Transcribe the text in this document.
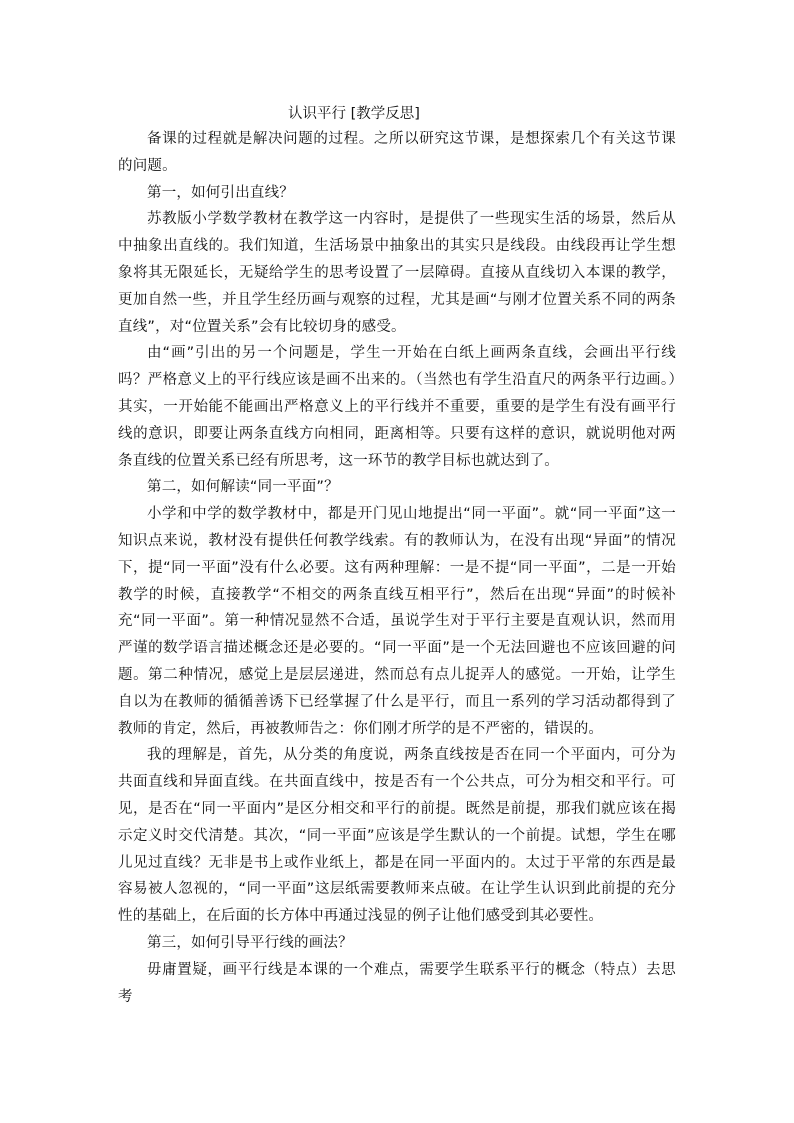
认识平行 [教学反思]

备课的过程就是解决问题的过程。之所以研究这节课，是想探索几个有关这节课的问题。

第一，如何引出直线？

苏教版小学数学教材在教学这一内容时，是提供了一些现实生活的场景，然后从中抽象出直线的。我们知道，生活场景中抽象出的其实只是线段。由线段再让学生想象将其无限延长，无疑给学生的思考设置了一层障碍。直接从直线切入本课的教学，更加自然一些，并且学生经历画与观察的过程，尤其是画“与刚才位置关系不同的两条直线”，对“位置关系”会有比较切身的感受。

由“画”引出的另一个问题是，学生一开始在白纸上画两条直线，会画出平行线吗？严格意义上的平行线应该是画不出来的。（当然也有学生沿直尺的两条平行边画。）其实，一开始能不能画出严格意义上的平行线并不重要，重要的是学生有没有画平行线的意识，即要让两条直线方向相同，距离相等。只要有这样的意识，就说明他对两条直线的位置关系已经有所思考，这一环节的教学目标也就达到了。

第二，如何解读“同一平面”？

小学和中学的数学教材中，都是开门见山地提出“同一平面”。就“同一平面”这一知识点来说，教材没有提供任何教学线索。有的教师认为，在没有出现“异面”的情况下，提“同一平面”没有什么必要。这有两种理解：一是不提“同一平面”，二是一开始教学的时候，直接教学“不相交的两条直线互相平行”，然后在出现“异面”的时候补充“同一平面”。第一种情况显然不合适，虽说学生对于平行主要是直观认识，然而用严谨的数学语言描述概念还是必要的。“同一平面”是一个无法回避也不应该回避的问题。第二种情况，感觉上是层层递进，然而总有点儿捉弄人的感觉。一开始，让学生自以为在教师的循循善诱下已经掌握了什么是平行，而且一系列的学习活动都得到了教师的肯定，然后，再被教师告之：你们刚才所学的是不严密的，错误的。

我的理解是，首先，从分类的角度说，两条直线按是否在同一个平面内，可分为共面直线和异面直线。在共面直线中，按是否有一个公共点，可分为相交和平行。可见，是否在“同一平面内”是区分相交和平行的前提。既然是前提，那我们就应该在揭示定义时交代清楚。其次，“同一平面”应该是学生默认的一个前提。试想，学生在哪儿见过直线？无非是书上或作业纸上，都是在同一平面内的。太过于平常的东西是最容易被人忽视的，“同一平面”这层纸需要教师来点破。在让学生认识到此前提的充分性的基础上，在后面的长方体中再通过浅显的例子让他们感受到其必要性。

第三，如何引导平行线的画法？

毋庸置疑，画平行线是本课的一个难点，需要学生联系平行的概念（特点）去思考
